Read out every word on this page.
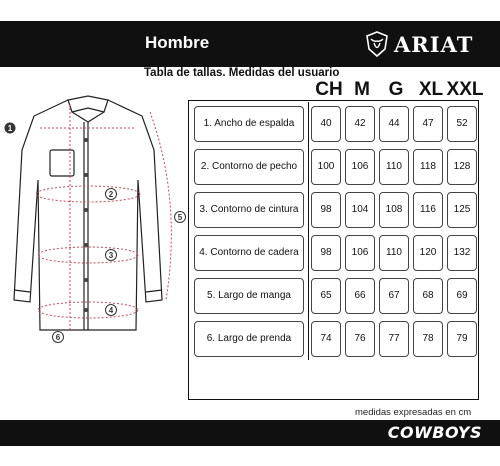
Hombre	ARIAT
Tabla de tallas. Medidas del usuario
CH M G XL XXL
1
2
3
4
5
6
1. Ancho de espalda	40	42	44	47	52

2. Contorno de pecho	100	106	110	118	128

3. Contorno de cintura	98	104	108	116	125

4. Contorno de cadera	98	106	110	120	132

5. Largo de manga	65	66	67	68	69

6. Largo de prenda	74	76	77	78	79
medidas expresadas en cm
COWBOYS
